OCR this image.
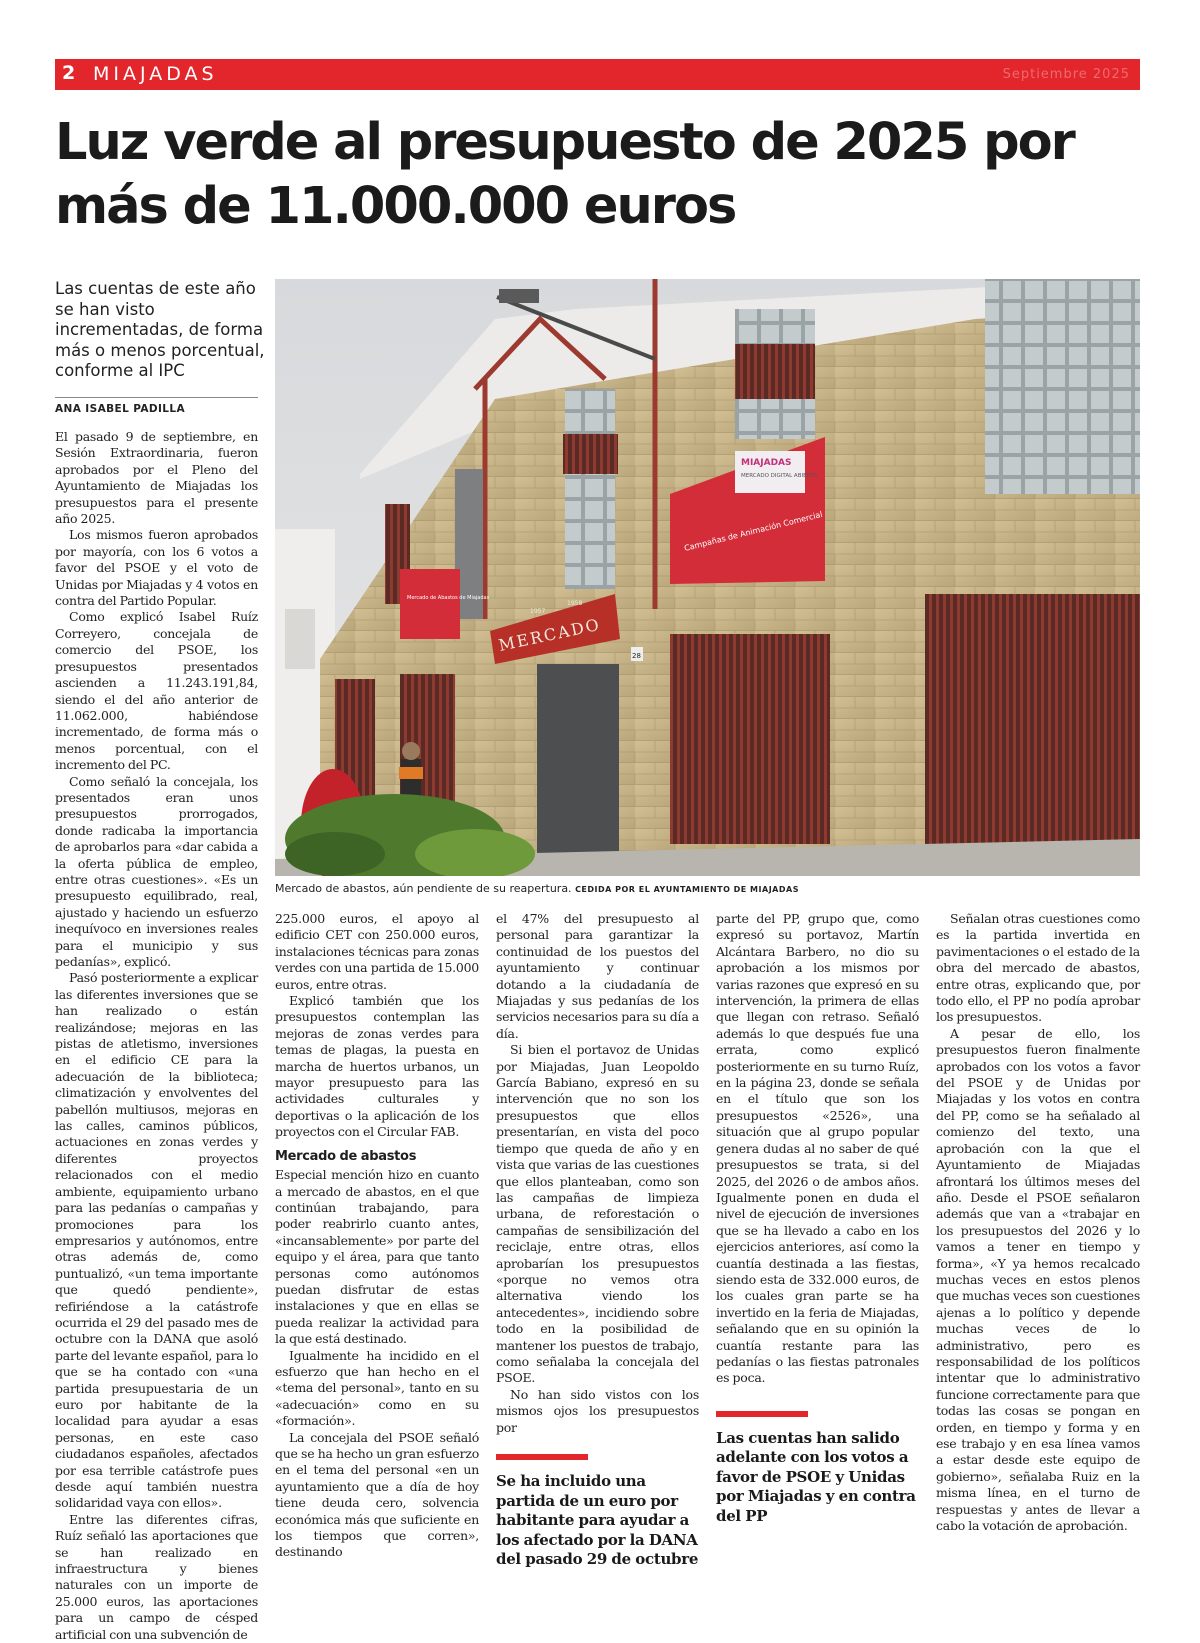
2 MIAJADAS	Septiembre 2025
Luz verde al presupuesto de 2025 por más de 11.000.000 euros
Las cuentas de este año se han visto incrementadas, de forma más o menos porcentual, conforme al IPC
ANA ISABEL PADILLA

El pasado 9 de septiembre, en Sesión Extraordinaria, fueron aprobados por el Pleno del Ayuntamiento de Miajadas los presupuestos para el presente año 2025.

Los mismos fueron aprobados por mayoría, con los 6 votos a favor del PSOE y el voto de Unidas por Miajadas y 4 votos en contra del Partido Popular.

Como explicó Isabel Ruíz Correyero, concejala de comercio del PSOE, los presupuestos presentados ascienden a 11.243.191,84, siendo el del año anterior de 11.062.000, habiéndose incrementado, de forma más o menos porcentual, con el incremento del PC.

Como señaló la concejala, los presentados eran unos presupuestos prorrogados, donde radicaba la importancia de aprobarlos para «dar cabida a la oferta pública de empleo, entre otras cuestiones». «Es un presupuesto equilibrado, real, ajustado y haciendo un esfuerzo inequívoco en inversiones reales para el municipio y sus pedanías», explicó.

Pasó posteriormente a explicar las diferentes inversiones que se han realizado o están realizándose; mejoras en las pistas de atletismo, inversiones en el edificio CE para la adecuación de la biblioteca; climatización y envolventes del pabellón multiusos, mejoras en las calles, caminos públicos, actuaciones en zonas verdes y diferentes proyectos relacionados con el medio ambiente, equipamiento urbano para las pedanías o campañas y promociones para los empresarios y autónomos, entre otras además de, como puntualizó, «un tema importante que quedó pendiente», refiriéndose a la catástrofe ocurrida el 29 del pasado mes de octubre con la DANA que asoló parte del levante español, para lo que se ha contado con «una partida presupuestaria de un euro por habitante de la localidad para ayudar a esas personas, en este caso ciudadanos españoles, afectados por esa terrible catástrofe pues desde aquí también nuestra solidaridad vaya con ellos».

Entre las diferentes cifras, Ruíz señaló las aportaciones que se han realizado en infraestructura y bienes naturales con un importe de 25.000 euros, las aportaciones para un campo de césped artificial con una subvención de

MIAJADAS
MERCADO DIGITAL ABIERTO
Campañas de Animación Comercial
Mercado de Abastos de Miajadas
MERCADO
1957
1958
28
Mercado de abastos, aún pendiente de su reapertura. CEDIDA POR EL AYUNTAMIENTO DE MIAJADAS

225.000 euros, el apoyo al edificio CET con 250.000 euros, instalaciones técnicas para zonas verdes con una partida de 15.000 euros, entre otras.

Explicó también que los presupuestos contemplan las mejoras de zonas verdes para temas de plagas, la puesta en marcha de huertos urbanos, un mayor presupuesto para las actividades culturales y deportivas o la aplicación de los proyectos con el Circular FAB.

Mercado de abastos

Especial mención hizo en cuanto a mercado de abastos, en el que continúan trabajando, para poder reabrirlo cuanto antes, «incansablemente» por parte del equipo y el área, para que tanto personas como autónomos puedan disfrutar de estas instalaciones y que en ellas se pueda realizar la actividad para la que está destinado.

Igualmente ha incidido en el esfuerzo que han hecho en el «tema del personal», tanto en su «adecuación» como en su «formación».

La concejala del PSOE señaló que se ha hecho un gran esfuerzo en el tema del personal «en un ayuntamiento que a día de hoy tiene deuda cero, solvencia económica más que suficiente en los tiempos que corren», destinando

el 47% del presupuesto al personal para garantizar la continuidad de los puestos del ayuntamiento y continuar dotando a la ciudadanía de Miajadas y sus pedanías de los servicios necesarios para su día a día.

Si bien el portavoz de Unidas por Miajadas, Juan Leopoldo García Babiano, expresó en su intervención que no son los presupuestos que ellos presentarían, en vista del poco tiempo que queda de año y en vista que varias de las cuestiones que ellos planteaban, como son las campañas de limpieza urbana, de reforestación o campañas de sensibilización del reciclaje, entre otras, ellos aprobarían los presupuestos «porque no vemos otra alternativa viendo los antecedentes», incidiendo sobre todo en la posibilidad de mantener los puestos de trabajo, como señalaba la concejala del PSOE.

No han sido vistos con los mismos ojos los presupuestos por

Se ha incluido una partida de un euro por habitante para ayudar a los afectado por la DANA del pasado 29 de octubre

parte del PP, grupo que, como expresó su portavoz, Martín Alcántara Barbero, no dio su aprobación a los mismos por varias razones que expresó en su intervención, la primera de ellas que llegan con retraso. Señaló además lo que después fue una errata, como explicó posteriormente en su turno Ruíz, en la página 23, donde se señala en el título que son los presupuestos «2526», una situación que al grupo popular genera dudas al no saber de qué presupuestos se trata, si del 2025, del 2026 o de ambos años. Igualmente ponen en duda el nivel de ejecución de inversiones que se ha llevado a cabo en los ejercicios anteriores, así como la cuantía destinada a las fiestas, siendo esta de 332.000 euros, de los cuales gran parte se ha invertido en la feria de Miajadas, señalando que en su opinión la cuantía restante para las pedanías o las fiestas patronales es poca.

Las cuentas han salido adelante con los votos a favor de PSOE y Unidas por Miajadas y en contra del PP

Señalan otras cuestiones como es la partida invertida en pavimentaciones o el estado de la obra del mercado de abastos, entre otras, explicando que, por todo ello, el PP no podía aprobar los presupuestos.

A pesar de ello, los presupuestos fueron finalmente aprobados con los votos a favor del PSOE y de Unidas por Miajadas y los votos en contra del PP, como se ha señalado al comienzo del texto, una aprobación con la que el Ayuntamiento de Miajadas afrontará los últimos meses del año. Desde el PSOE señalaron además que van a «trabajar en los presupuestos del 2026 y lo vamos a tener en tiempo y forma», «Y ya hemos recalcado muchas veces en estos plenos que muchas veces son cuestiones ajenas a lo político y depende muchas veces de lo administrativo, pero es responsabilidad de los políticos intentar que lo administrativo funcione correctamente para que todas las cosas se pongan en orden, en tiempo y forma y en ese trabajo y en esa línea vamos a estar desde este equipo de gobierno», señalaba Ruiz en la misma línea, en el turno de respuestas y antes de llevar a cabo la votación de aprobación.
